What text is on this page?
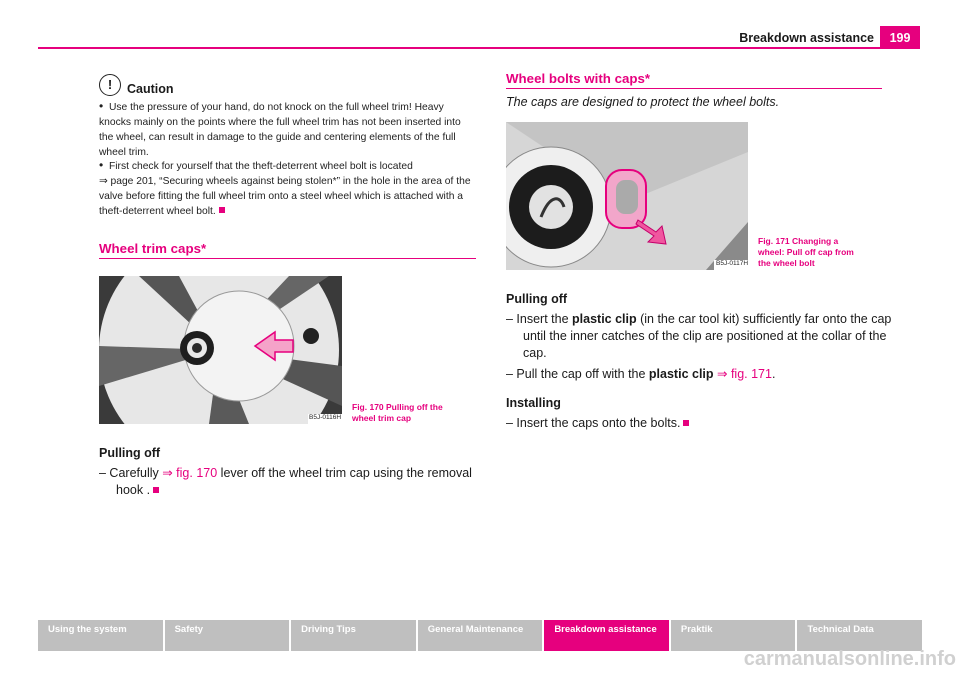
Breakdown assistance	199
!	Caution
• Use the pressure of your hand, do not knock on the full wheel trim! Heavy knocks mainly on the points where the full wheel trim has not been inserted into the wheel, can result in damage to the guide and centering elements of the full wheel trim.
• First check for yourself that the theft-deterrent wheel bolt is located
⇒ page 201, “Securing wheels against being stolen*” in the hole in the area of the valve before fitting the full wheel trim onto a steel wheel which is attached with a theft-deterrent wheel bolt.
Wheel trim caps*
B5J-0116H
Fig. 170 Pulling off the
wheel trim cap
Pulling off
– Carefully ⇒ fig. 170 lever off the wheel trim cap using the removal
hook .
Wheel bolts with caps*
The caps are designed to protect the wheel bolts.
B5J-0117H
Fig. 171 Changing a
wheel: Pull off cap from
the wheel bolt
Pulling off
– Insert the plastic clip (in the car tool kit) sufficiently far onto the cap
until the inner catches of the clip are positioned at the collar of the
cap.
– Pull the cap off with the plastic clip ⇒ fig. 171.
Installing
– Insert the caps onto the bolts.
Using the system	Safety	Driving Tips	General Maintenance	Breakdown assistance	Praktik	Technical Data
carmanualsonline.info
